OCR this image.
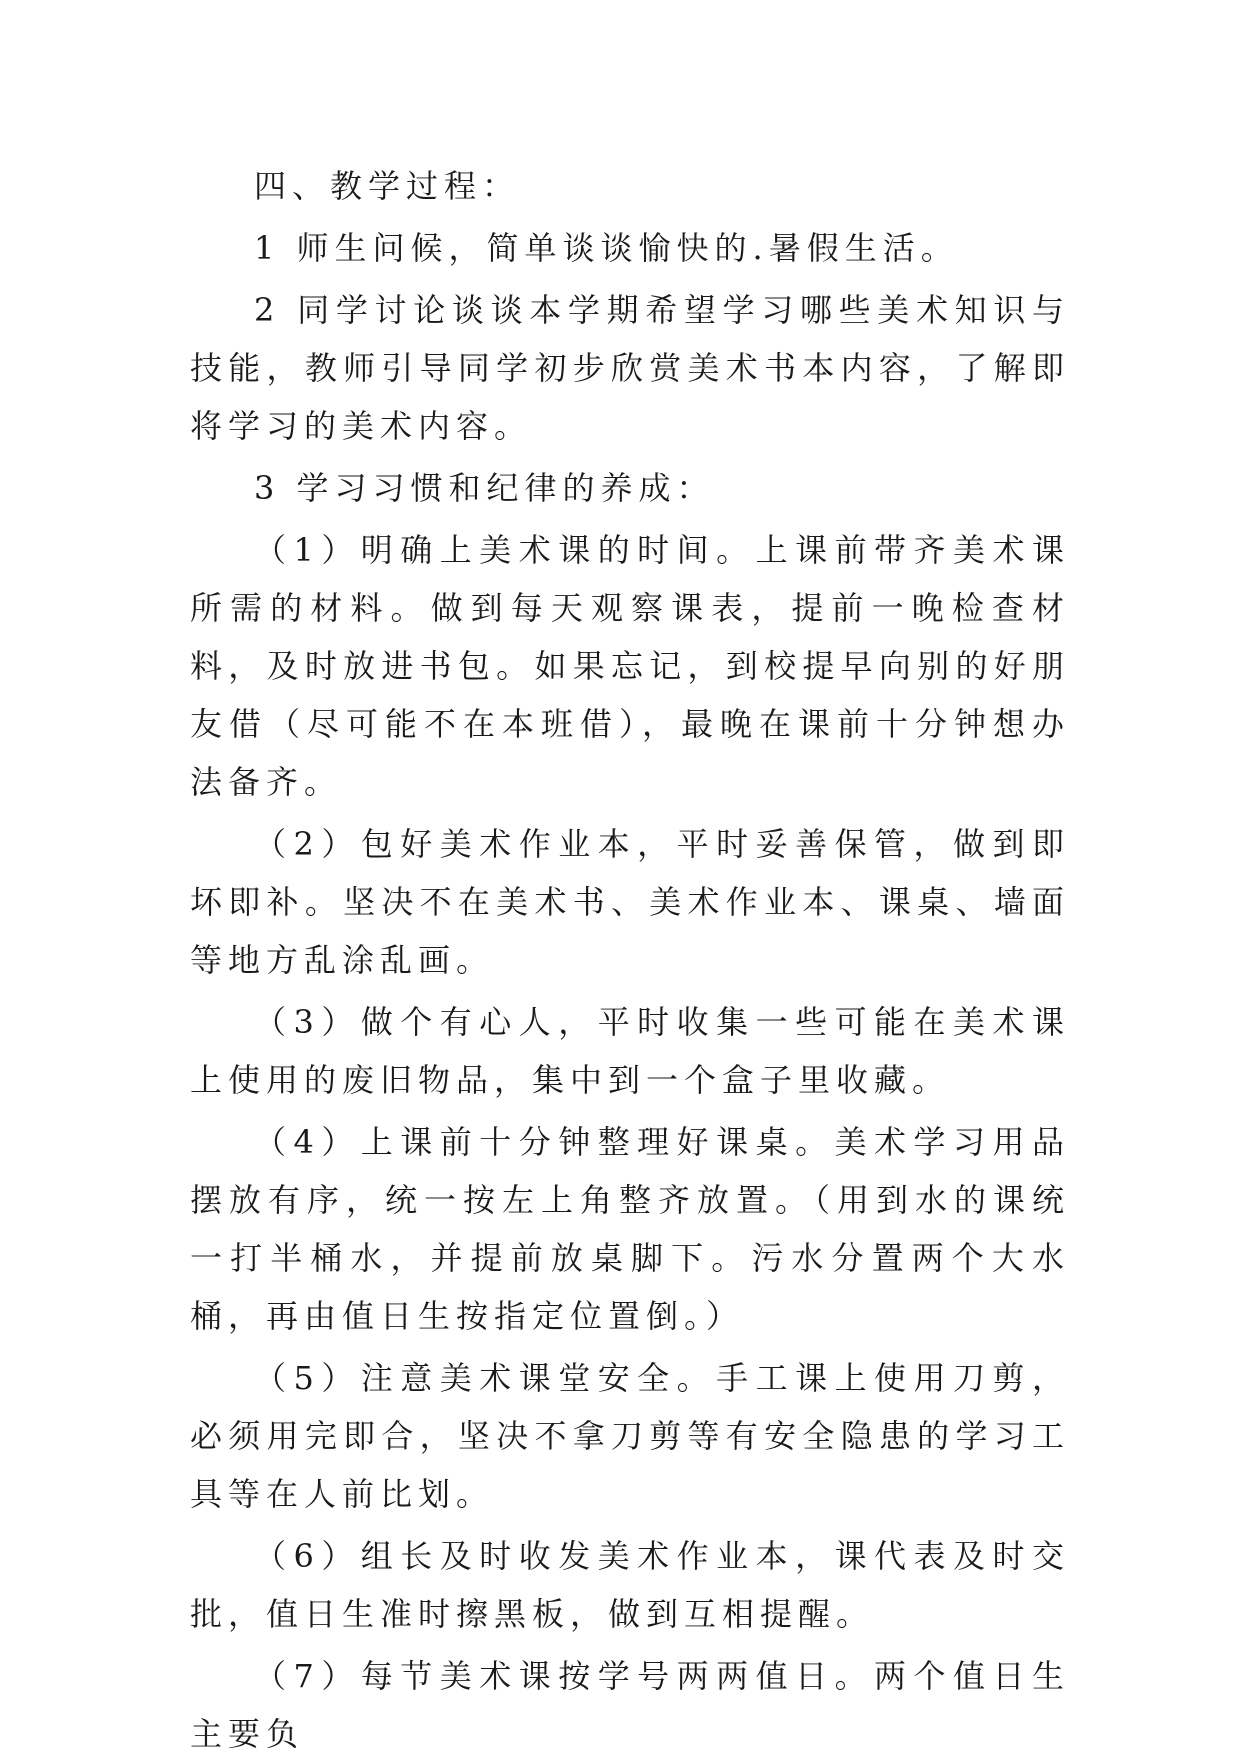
四、教学过程：

1 师生问候，简单谈谈愉快的.暑假生活。

2 同学讨论谈谈本学期希望学习哪些美术知识与技能，教师引导同学初步欣赏美术书本内容，了解即将学习的美术内容。

3 学习习惯和纪律的养成：

（1）明确上美术课的时间。上课前带齐美术课所需的材料。做到每天观察课表，提前一晚检查材料，及时放进书包。如果忘记，到校提早向别的好朋友借（尽可能不在本班借），最晚在课前十分钟想办法备齐。

（2）包好美术作业本，平时妥善保管，做到即坏即补。坚决不在美术书、美术作业本、课桌、墙面等地方乱涂乱画。

（3）做个有心人，平时收集一些可能在美术课上使用的废旧物品，集中到一个盒子里收藏。

（4）上课前十分钟整理好课桌。美术学习用品摆放有序，统一按左上角整齐放置。（用到水的课统一打半桶水，并提前放桌脚下。污水分置两个大水桶，再由值日生按指定位置倒。）

（5）注意美术课堂安全。手工课上使用刀剪，必须用完即合，坚决不拿刀剪等有安全隐患的学习工具等在人前比划。

（6）组长及时收发美术作业本，课代表及时交批，值日生准时擦黑板，做到互相提醒。

（7）每节美术课按学号两两值日。两个值日生主要负
